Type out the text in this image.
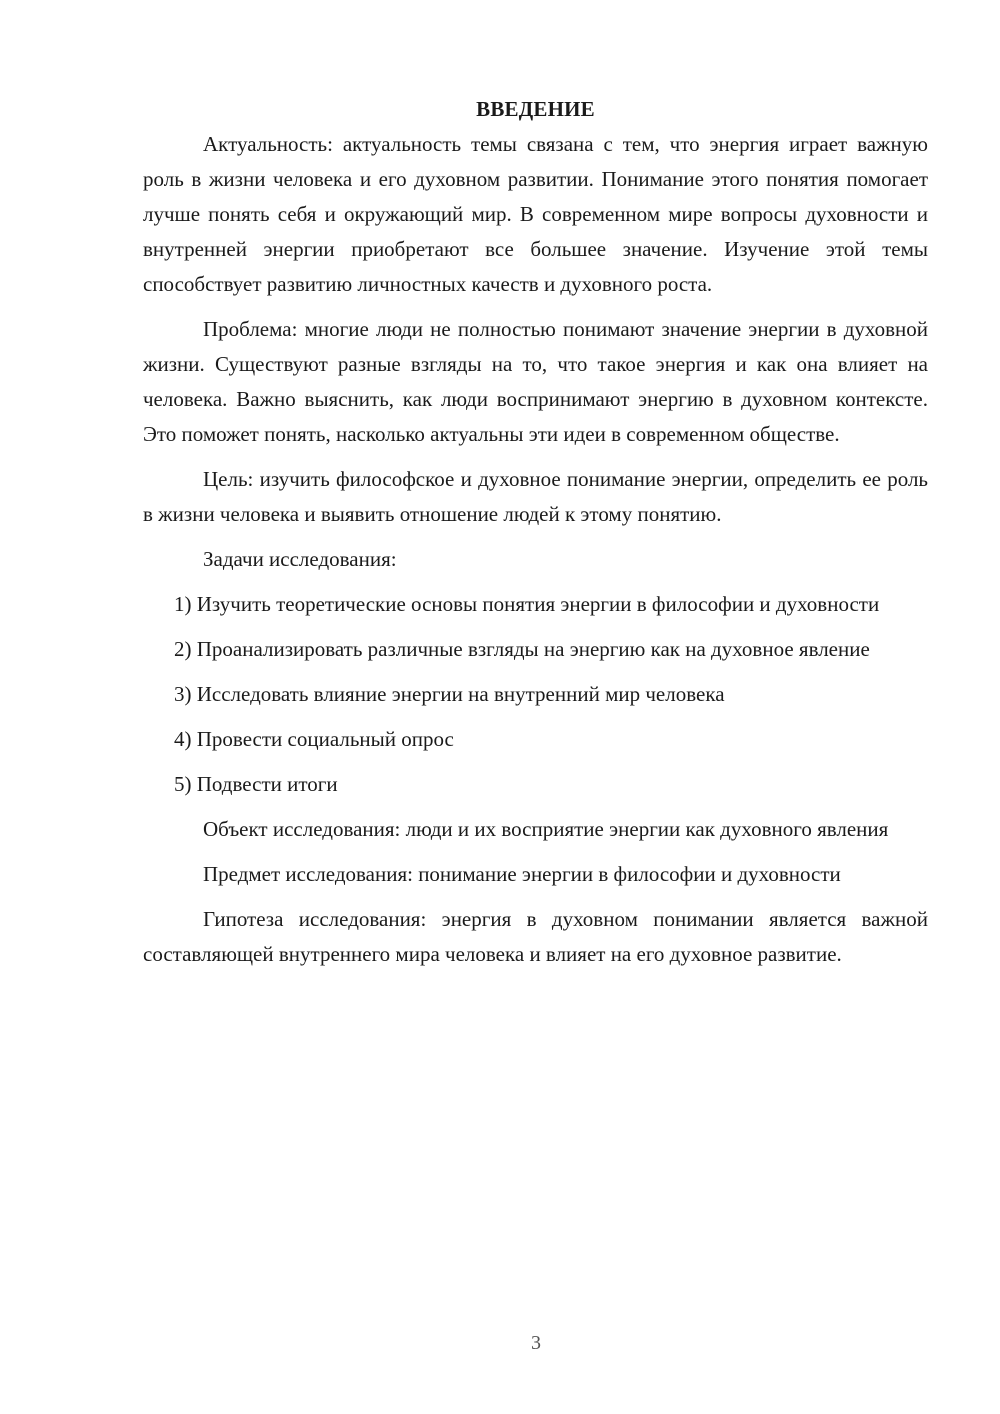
ВВЕДЕНИЕ

Актуальность: актуальность темы связана с тем, что энергия играет важную роль в жизни человека и его духовном развитии. Понимание этого понятия помогает лучше понять себя и окружающий мир. В современном мире вопросы духовности и внутренней энергии приобретают все большее значение. Изучение этой темы способствует развитию личностных качеств и духовного роста.

Проблема: многие люди не полностью понимают значение энергии в духовной жизни. Существуют разные взгляды на то, что такое энергия и как она влияет на человека. Важно выяснить, как люди воспринимают энергию в духовном контексте. Это поможет понять, насколько актуальны эти идеи в современном обществе.

Цель: изучить философское и духовное понимание энергии, определить ее роль в жизни человека и выявить отношение людей к этому понятию.

Задачи исследования:

1) Изучить теоретические основы понятия энергии в философии и духовности

2) Проанализировать различные взгляды на энергию как на духовное явление

3) Исследовать влияние энергии на внутренний мир человека

4) Провести социальный опрос

5) Подвести итоги

Объект исследования: люди и их восприятие энергии как духовного явления

Предмет исследования: понимание энергии в философии и духовности

Гипотеза исследования: энергия в духовном понимании является важной составляющей внутреннего мира человека и влияет на его духовное развитие.

3
